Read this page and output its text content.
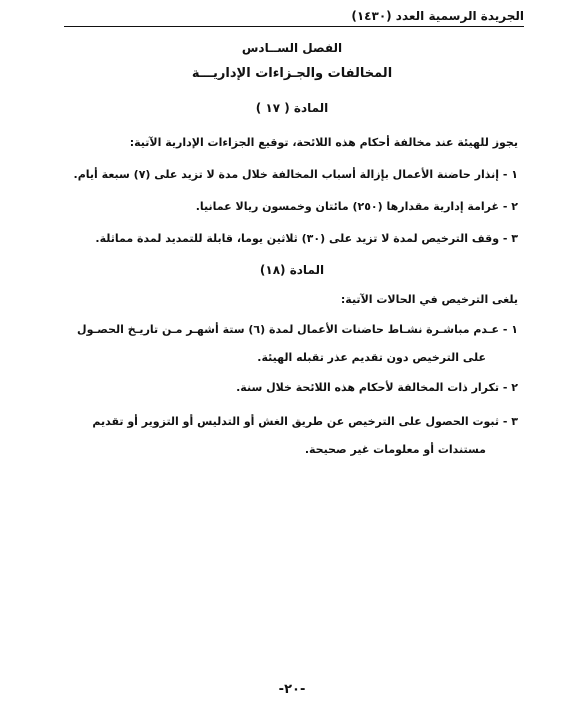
الجريدة الرسمية العدد (١٤٣٠)
الفصل الســادس
المخالفات والجـزاءات الإداريـــة
المادة ( ١٧ )
يجوز للهيئة عند مخالفة أحكام هذه اللائحة، توقيع الجزاءات الإدارية الآتية:
١ - إنذار حاضنة الأعمال بإزالة أسباب المخالفة خلال مدة لا تزيد على (٧) سبعة أيام.
٢ - غرامة إدارية مقدارها (٢٥٠) مائتان وخمسون ريالا عمانيا.
٣ - وقف الترخيص لمدة لا تزيد على (٣٠) ثلاثين يوما، قابلة للتمديد لمدة مماثلة.
المادة (١٨)
يلغى الترخيص في الحالات الآتية:
١ - عـدم مباشـرة نشـاط حاضنات الأعمال لمدة (٦) ستة أشهـر مـن تاريـخ الحصـول
على الترخيص دون تقديم عذر تقبله الهيئة.
٢ - تكرار ذات المخالفة لأحكام هذه اللائحة خلال سنة.
٣ - ثبوت الحصول على الترخيص عن طريق الغش أو التدليس أو التزوير أو تقديم
مستندات أو معلومات غير صحيحة.
-٢٠-
